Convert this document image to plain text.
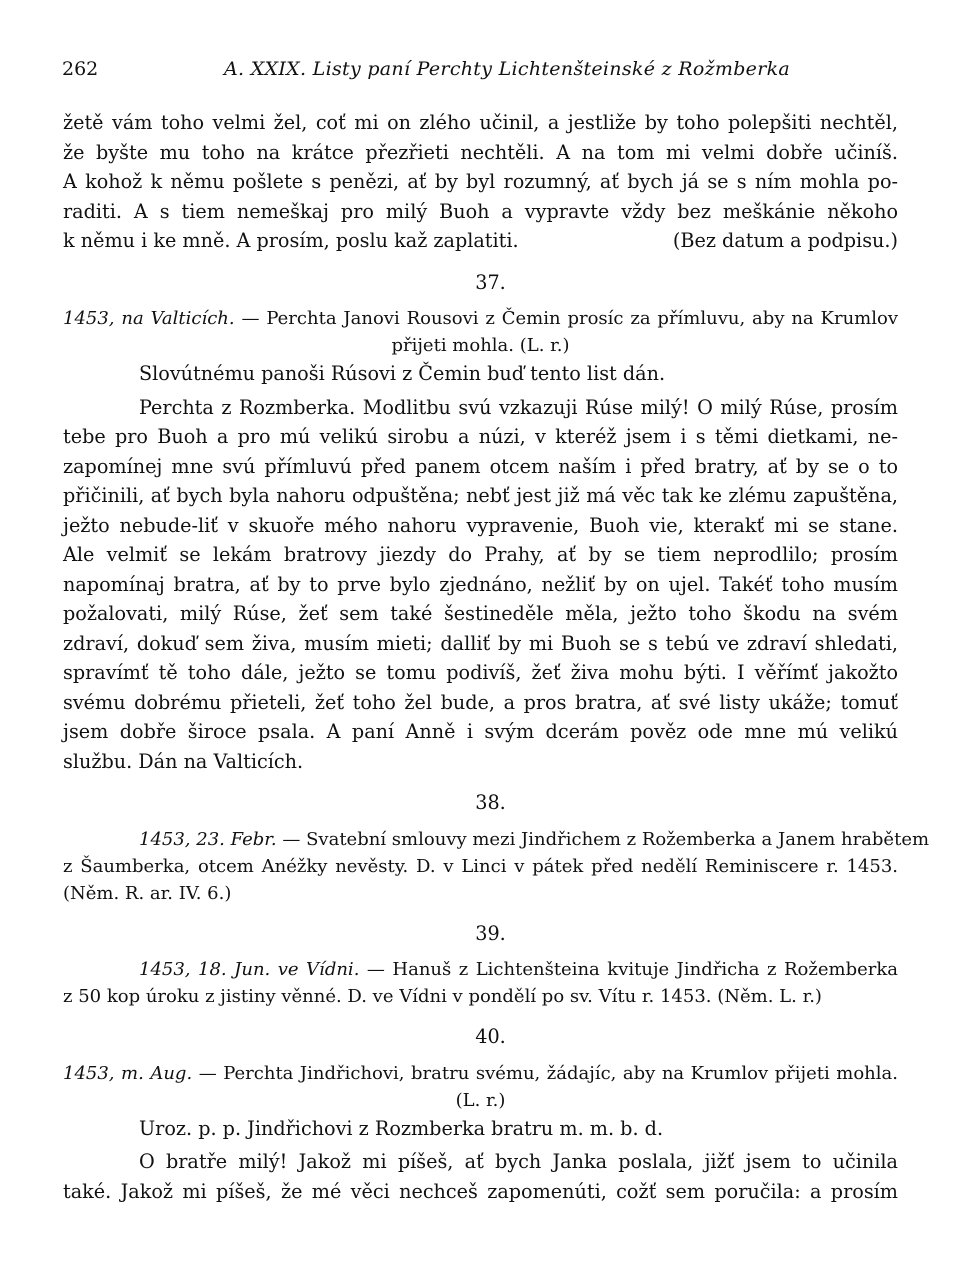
262	A. XXIX. Listy paní Perchty Lichtenšteinské z Rožmberka
žetě vám toho velmi žel, coť mi on zlého učinil, a jestliže by toho polepšiti nechtěl,
že byšte mu toho na krátce přezřieti nechtěli. A na tom mi velmi dobře učiníš.
A kohož k němu pošlete s penězi, ať by byl rozumný, ať bych já se s ním mohla po-
raditi. A s tiem nemeškaj pro milý Buoh a vypravte vždy bez meškánie někoho
k němu i ke mně. A prosím, poslu kaž zaplatiti.	(Bez datum a podpisu.)
37.
1453, na Valticích. — Perchta Janovi Rousovi z Čemin prosíc za přímluvu, aby na Krumlov
přijeti mohla. (L. r.)
Slovútnému panoši Rúsovi z Čemin buď tento list dán.
Perchta z Rozmberka. Modlitbu svú vzkazuji Rúse milý! O milý Rúse, prosím
tebe pro Buoh a pro mú velikú sirobu a núzi, v kteréž jsem i s těmi dietkami, ne-
zapomínej mne svú přímluvú před panem otcem naším i před bratry, ať by se o to
přičinili, ať bych byla nahoru odpuštěna; nebť jest již má věc tak ke zlému zapuštěna,
ježto nebude-liť v skuoře mého nahoru vypravenie, Buoh vie, kterakť mi se stane.
Ale velmiť se lekám bratrovy jiezdy do Prahy, ať by se tiem neprodlilo; prosím
napomínaj bratra, ať by to prve bylo zjednáno, nežliť by on ujel. Takéť toho musím
požalovati, milý Rúse, žeť sem také šestineděle měla, ježto toho škodu na svém
zdraví, dokuď sem živa, musím mieti; dalliť by mi Buoh se s tebú ve zdraví shledati,
spravímť tě toho dále, ježto se tomu podivíš, žeť živa mohu býti. I věřímť jakožto
svému dobrému přieteli, žeť toho žel bude, a pros bratra, ať své listy ukáže; tomuť
jsem dobře široce psala. A paní Anně i svým dcerám pověz ode mne mú velikú
službu. Dán na Valticích.
38.
1453, 23. Febr. — Svatební smlouvy mezi Jindřichem z Rožemberka a Janem hrabětem
z Šaumberka, otcem Anéžky nevěsty. D. v Linci v pátek před nedělí Reminiscere r. 1453.
(Něm. R. ar. IV. 6.)
39.
1453, 18. Jun. ve Vídni. — Hanuš z Lichtenšteina kvituje Jindřicha z Rožemberka
z 50 kop úroku z jistiny věnné. D. ve Vídni v pondělí po sv. Vítu r. 1453. (Něm. L. r.)
40.
1453, m. Aug. — Perchta Jindřichovi, bratru svému, žádajíc, aby na Krumlov přijeti mohla.
(L. r.)
Uroz. p. p. Jindřichovi z Rozmberka bratru m. m. b. d.
O bratře milý! Jakož mi píšeš, ať bych Janka poslala, jižť jsem to učinila
také. Jakož mi píšeš, že mé věci nechceš zapomenúti, cožť sem poručila: a prosím
